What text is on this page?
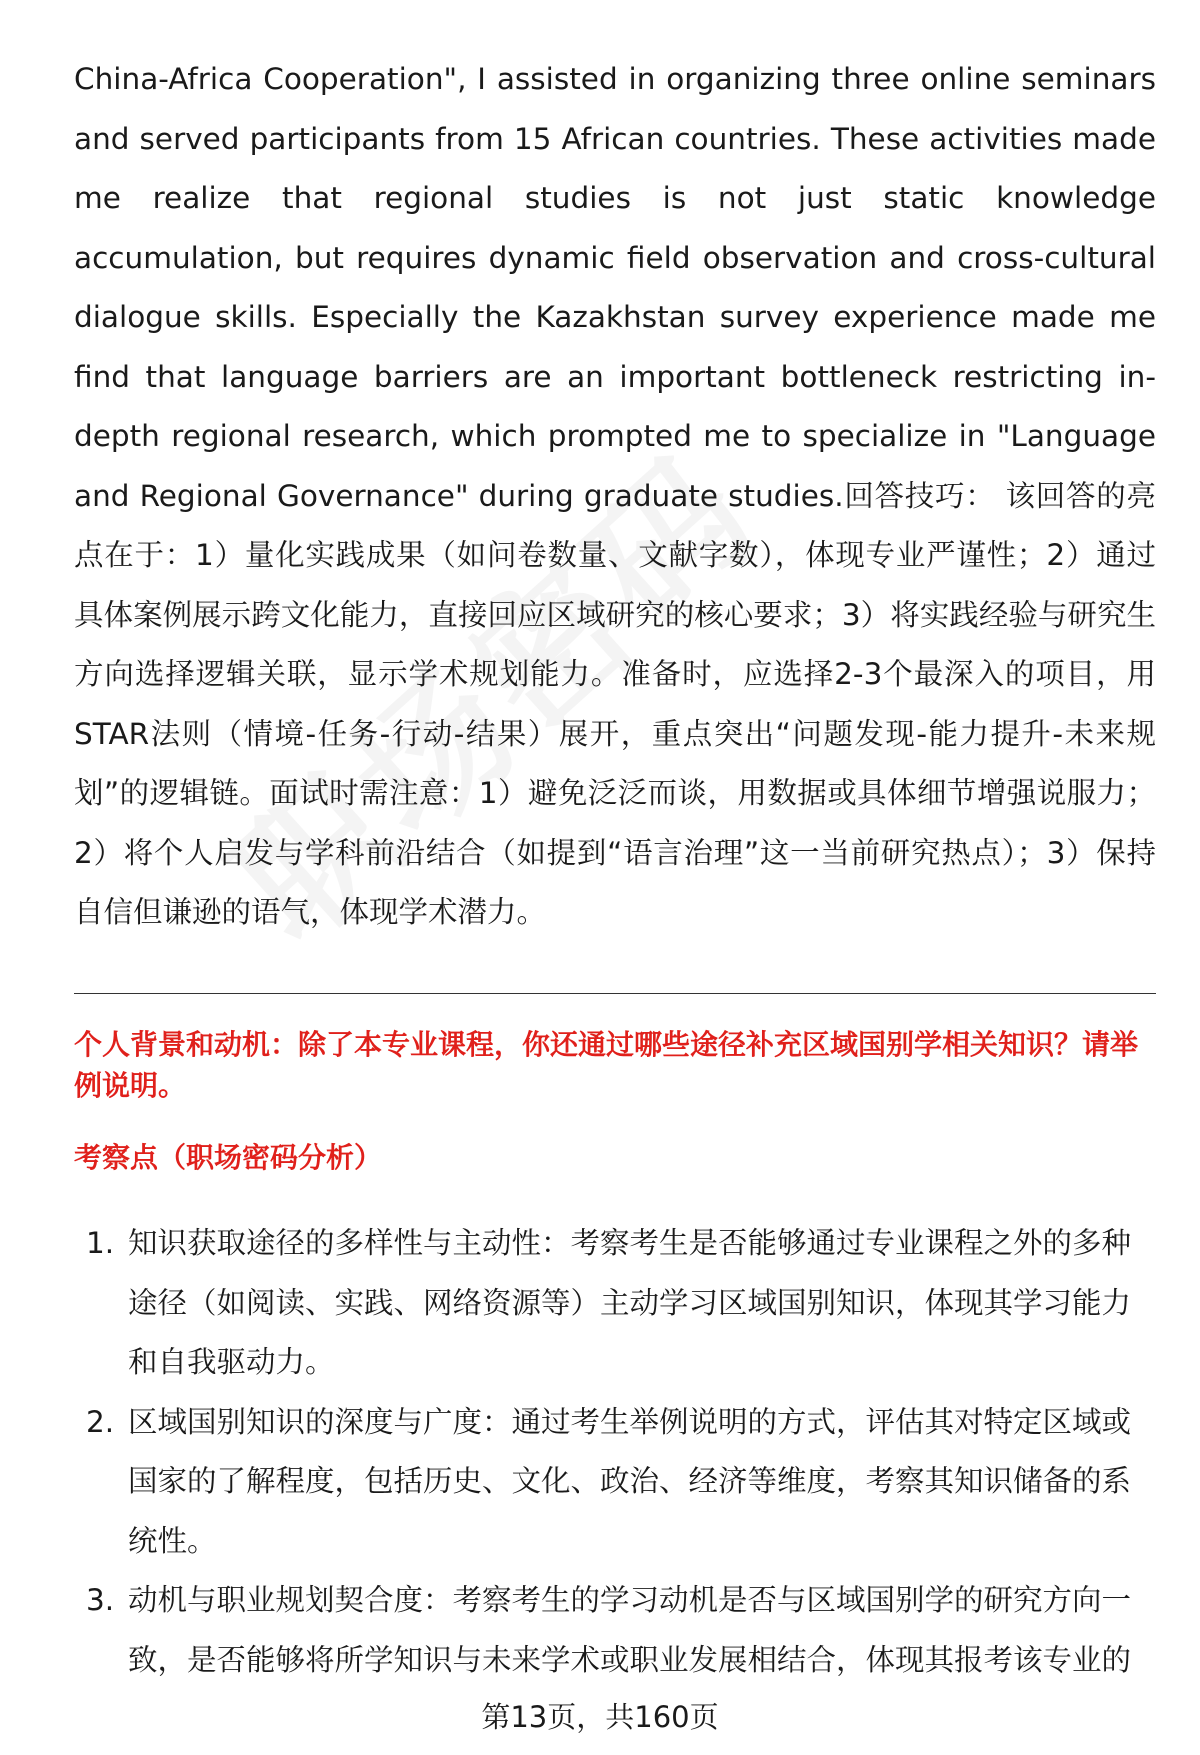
China-Africa Cooperation", I assisted in organizing three online seminars and served participants from 15 African countries. These activities made me realize that regional studies is not just static knowledge accumulation, but requires dynamic field observation and cross-cultural dialogue skills. Especially the Kazakhstan survey experience made me find that language barriers are an important bottleneck restricting in-depth regional research, which prompted me to specialize in "Language and Regional Governance" during graduate studies.回答技巧： 该回答的亮点在于：1）量化实践成果（如问卷数量、文献字数），体现专业严谨性；2）通过具体案例展示跨文化能力，直接回应区域研究的核心要求；3）将实践经验与研究生方向选择逻辑关联，显示学术规划能力。准备时，应选择2-3个最深入的项目，用STAR法则（情境-任务-行动-结果）展开，重点突出“问题发现-能力提升-未来规划”的逻辑链。面试时需注意：1）避免泛泛而谈，用数据或具体细节增强说服力；2）将个人启发与学科前沿结合（如提到“语言治理”这一当前研究热点）；3）保持自信但谦逊的语气，体现学术潜力。

个人背景和动机：除了本专业课程，你还通过哪些途径补充区域国别学相关知识？请举例说明。

考察点（职场密码分析）

1. 知识获取途径的多样性与主动性：考察考生是否能够通过专业课程之外的多种途径（如阅读、实践、网络资源等）主动学习区域国别知识，体现其学习能力和自我驱动力。
2. 区域国别知识的深度与广度：通过考生举例说明的方式，评估其对特定区域或国家的了解程度，包括历史、文化、政治、经济等维度，考察其知识储备的系统性。
3. 动机与职业规划契合度：考察考生的学习动机是否与区域国别学的研究方向一致，是否能够将所学知识与未来学术或职业发展相结合，体现其报考该专业的
第13页，共160页
